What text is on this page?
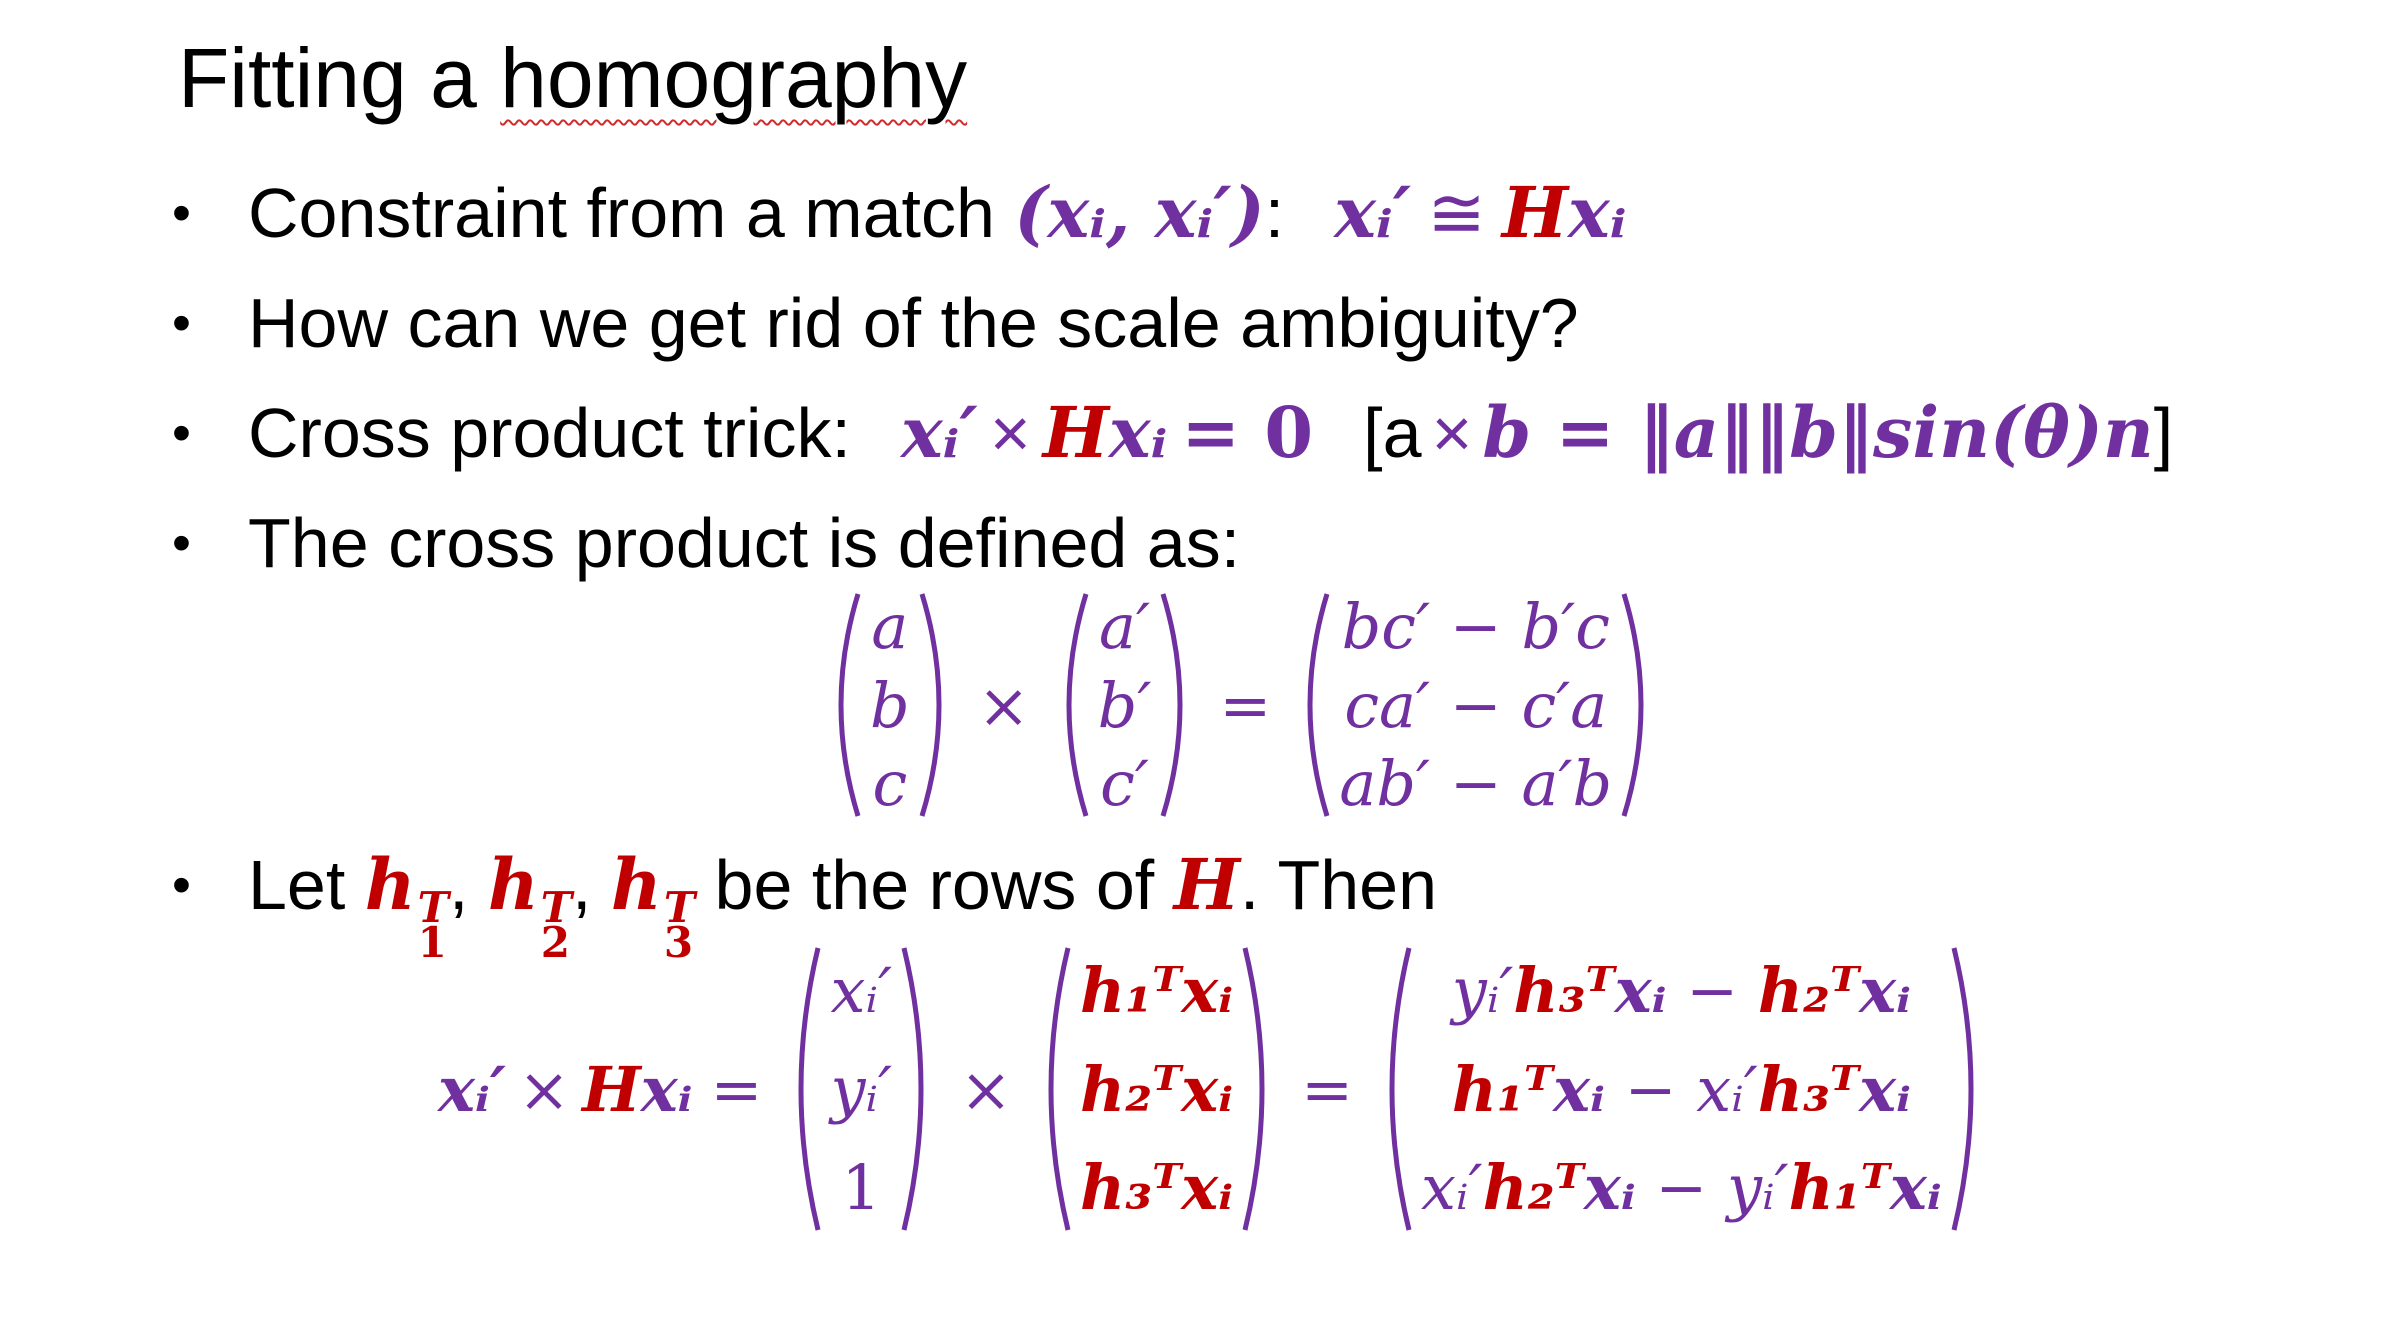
Fitting a homography
• Constraint from a match (xᵢ, xᵢ′): xᵢ′ ≅ Hxᵢ
• How can we get rid of the scale ambiguity?
• Cross product trick: xᵢ′ × Hxᵢ = 0 [a × b = ‖a‖‖b‖sin(θ)n]
• The cross product is defined as:
a
b
c
×
a′
b′
c′
=
bc′ − b′c
ca′ − c′a
ab′ − a′b
• Let h T
1
, h T
2
, h T
3
be the rows of H. Then
xᵢ′ × H xᵢ =
xᵢ′
yᵢ′
1
×
h₁ᵀxᵢ
h₂ᵀxᵢ
h₃ᵀxᵢ
=
yᵢ′h₃ᵀxᵢ − h₂ᵀxᵢ
h₁ᵀxᵢ − xᵢ′h₃ᵀxᵢ
xᵢ′h₂ᵀxᵢ − yᵢ′h₁ᵀxᵢ
